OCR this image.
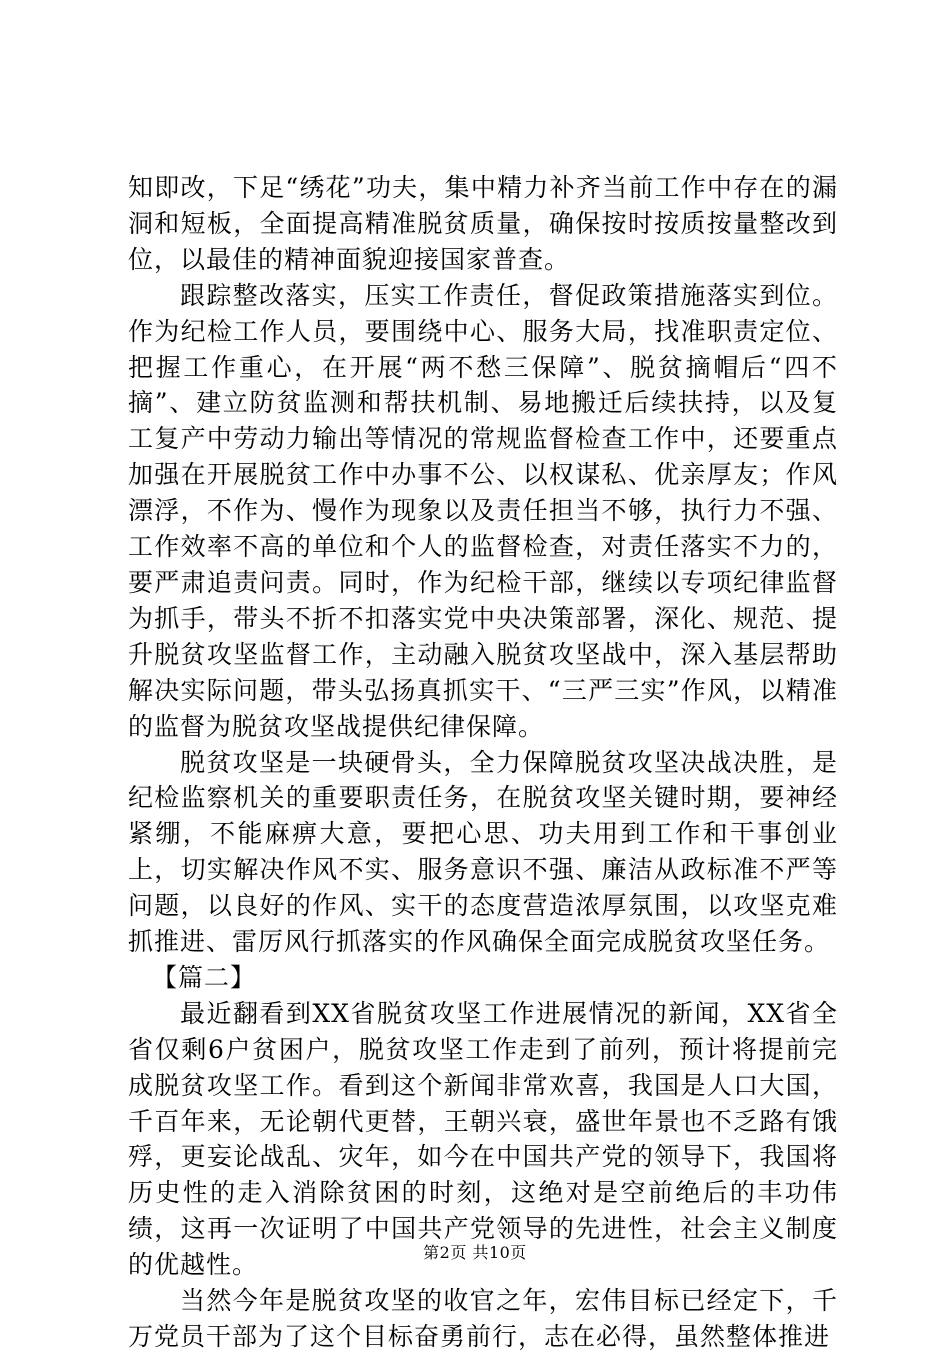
知即改，下足“绣花”功夫，集中精力补齐当前工作中存在的漏洞和短板，全面提高精准脱贫质量，确保按时按质按量整改到位，以最佳的精神面貌迎接国家普查。

跟踪整改落实，压实工作责任，督促政策措施落实到位。作为纪检工作人员，要围绕中心、服务大局，找准职责定位、把握工作重心，在开展“两不愁三保障”、脱贫摘帽后“四不摘”、建立防贫监测和帮扶机制、易地搬迁后续扶持，以及复工复产中劳动力输出等情况的常规监督检查工作中，还要重点加强在开展脱贫工作中办事不公、以权谋私、优亲厚友；作风漂浮，不作为、慢作为现象以及责任担当不够，执行力不强、工作效率不高的单位和个人的监督检查，对责任落实不力的，要严肃追责问责。同时，作为纪检干部，继续以专项纪律监督为抓手，带头不折不扣落实党中央决策部署，深化、规范、提升脱贫攻坚监督工作，主动融入脱贫攻坚战中，深入基层帮助解决实际问题，带头弘扬真抓实干、“三严三实”作风，以精准的监督为脱贫攻坚战提供纪律保障。

脱贫攻坚是一块硬骨头，全力保障脱贫攻坚决战决胜，是纪检监察机关的重要职责任务，在脱贫攻坚关键时期，要神经紧绷，不能麻痹大意，要把心思、功夫用到工作和干事创业上，切实解决作风不实、服务意识不强、廉洁从政标准不严等问题，以良好的作风、实干的态度营造浓厚氛围，以攻坚克难抓推进、雷厉风行抓落实的作风确保全面完成脱贫攻坚任务。

【篇二】

最近翻看到XX省脱贫攻坚工作进展情况的新闻，XX省全省仅剩6户贫困户，脱贫攻坚工作走到了前列，预计将提前完成脱贫攻坚工作。看到这个新闻非常欢喜，我国是人口大国，千百年来，无论朝代更替，王朝兴衰，盛世年景也不乏路有饿殍，更妄论战乱、灾年，如今在中国共产党的领导下，我国将历史性的走入消除贫困的时刻，这绝对是空前绝后的丰功伟绩，这再一次证明了中国共产党领导的先进性，社会主义制度的优越性。

当然今年是脱贫攻坚的收官之年，宏伟目标已经定下，千万党员干部为了这个目标奋勇前行，志在必得，虽然整体推进

第2页 共10页
